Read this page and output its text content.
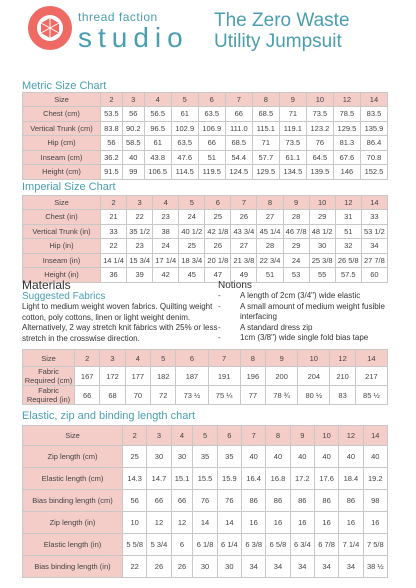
thread faction
studio
The Zero Waste
Utility Jumpsuit
Metric Size Chart
Size	2	3	4	5	6	7	8	9	10	12	14
Chest (cm)	53.5	56	56.5	61	63.5	66	68.5	71	73.5	78.5	83.5
Vertical Trunk (cm)	83.8	90.2	96.5	102.9	106.9	111.0	115.1	119.1	123.2	129.5	135.9
Hip (cm)	56	58.5	61	63.5	66	68.5	71	73.5	76	81.3	86.4
Inseam (cm)	36.2	40	43.8	47.6	51	54.4	57.7	61.1	64.5	67.6	70.8
Height (cm)	91.5	99	106.5	114.5	119.5	124.5	129.5	134.5	139.5	146	152.5
Imperial Size Chart
Size	2	3	4	5	6	7	8	9	10	12	14
Chest (in)	21	22	23	24	25	26	27	28	29	31	33
Vertical Trunk (in)	33	35 1/2	38	40 1/2	42 1/8	43 3/4	45 1/4	46 7/8	48 1/2	51	53 1/2
Hip (in)	22	23	24	25	26	27	28	29	30	32	34
Inseam (in)	14 1/4	15 3/4	17 1/4	18 3/4	20 1/8	21 3/8	22 3/4	24	25 3/8	26 5/8	27 7/8
Height (in)	36	39	42	45	47	49	51	53	55	57.5	60
Materials
Suggested Fabrics
Light to medium weight woven fabrics. Quilting weight cotton, poly cottons, linen or light weight denim. Alternatively, 2 way stretch knit fabrics with 25% or less stretch in the crosswise direction.
Notions
- A length of 2cm (3/4") wide elastic
- A small amount of medium weight fusible interfacing
- A standard dress zip
- 1cm (3/8") wide single fold bias tape
Size	2	3	4	5	6	7	8	9	10	12	14
Fabric Required (cm)	167	172	177	182	187	191	196	200	204	210	217
Fabric Required (in)	66	68	70	72	73 ½	75 ¼	77	78 ¾	80 ½	83	85 ½
Elastic, zip and binding length chart
Size	2	3	4	5	6	7	8	9	10	12	14
Zip length (cm)	25	30	30	35	35	40	40	40	40	40	40
Elastic length (cm)	14.3	14.7	15.1	15.5	15.9	16.4	16.8	17.2	17.6	18.4	19.2
Bias binding length (cm)	56	66	66	76	76	86	86	86	86	86	98
Zip length (in)	10	12	12	14	14	16	16	16	16	16	16
Elastic length (in)	5 5/8	5 3/4	6	6 1/8	6 1/4	6 3/8	6 5/8	6 3/4	6 7/8	7 1/4	7 5/8
Bias binding length (in)	22	26	26	30	30	34	34	34	34	34	38 ½
